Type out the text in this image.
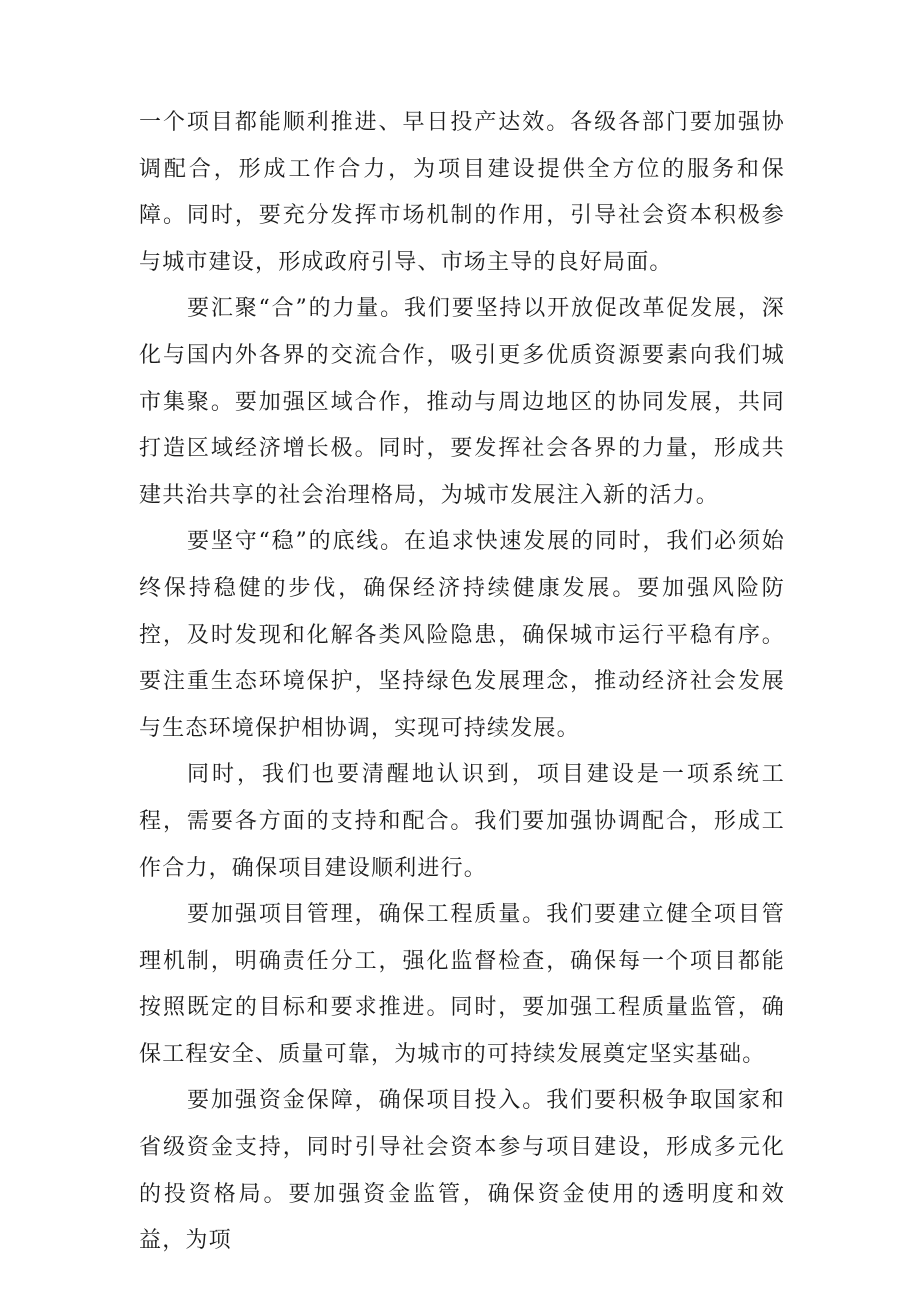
一个项目都能顺利推进、早日投产达效。各级各部门要加强协调配合，形成工作合力，为项目建设提供全方位的服务和保障。同时，要充分发挥市场机制的作用，引导社会资本积极参与城市建设，形成政府引导、市场主导的良好局面。

要汇聚“合”的力量。我们要坚持以开放促改革促发展，深化与国内外各界的交流合作，吸引更多优质资源要素向我们城市集聚。要加强区域合作，推动与周边地区的协同发展，共同打造区域经济增长极。同时，要发挥社会各界的力量，形成共建共治共享的社会治理格局，为城市发展注入新的活力。

要坚守“稳”的底线。在追求快速发展的同时，我们必须始终保持稳健的步伐，确保经济持续健康发展。要加强风险防控，及时发现和化解各类风险隐患，确保城市运行平稳有序。要注重生态环境保护，坚持绿色发展理念，推动经济社会发展与生态环境保护相协调，实现可持续发展。

同时，我们也要清醒地认识到，项目建设是一项系统工程，需要各方面的支持和配合。我们要加强协调配合，形成工作合力，确保项目建设顺利进行。

要加强项目管理，确保工程质量。我们要建立健全项目管理机制，明确责任分工，强化监督检查，确保每一个项目都能按照既定的目标和要求推进。同时，要加强工程质量监管，确保工程安全、质量可靠，为城市的可持续发展奠定坚实基础。

要加强资金保障，确保项目投入。我们要积极争取国家和省级资金支持，同时引导社会资本参与项目建设，形成多元化的投资格局。要加强资金监管，确保资金使用的透明度和效益，为项
